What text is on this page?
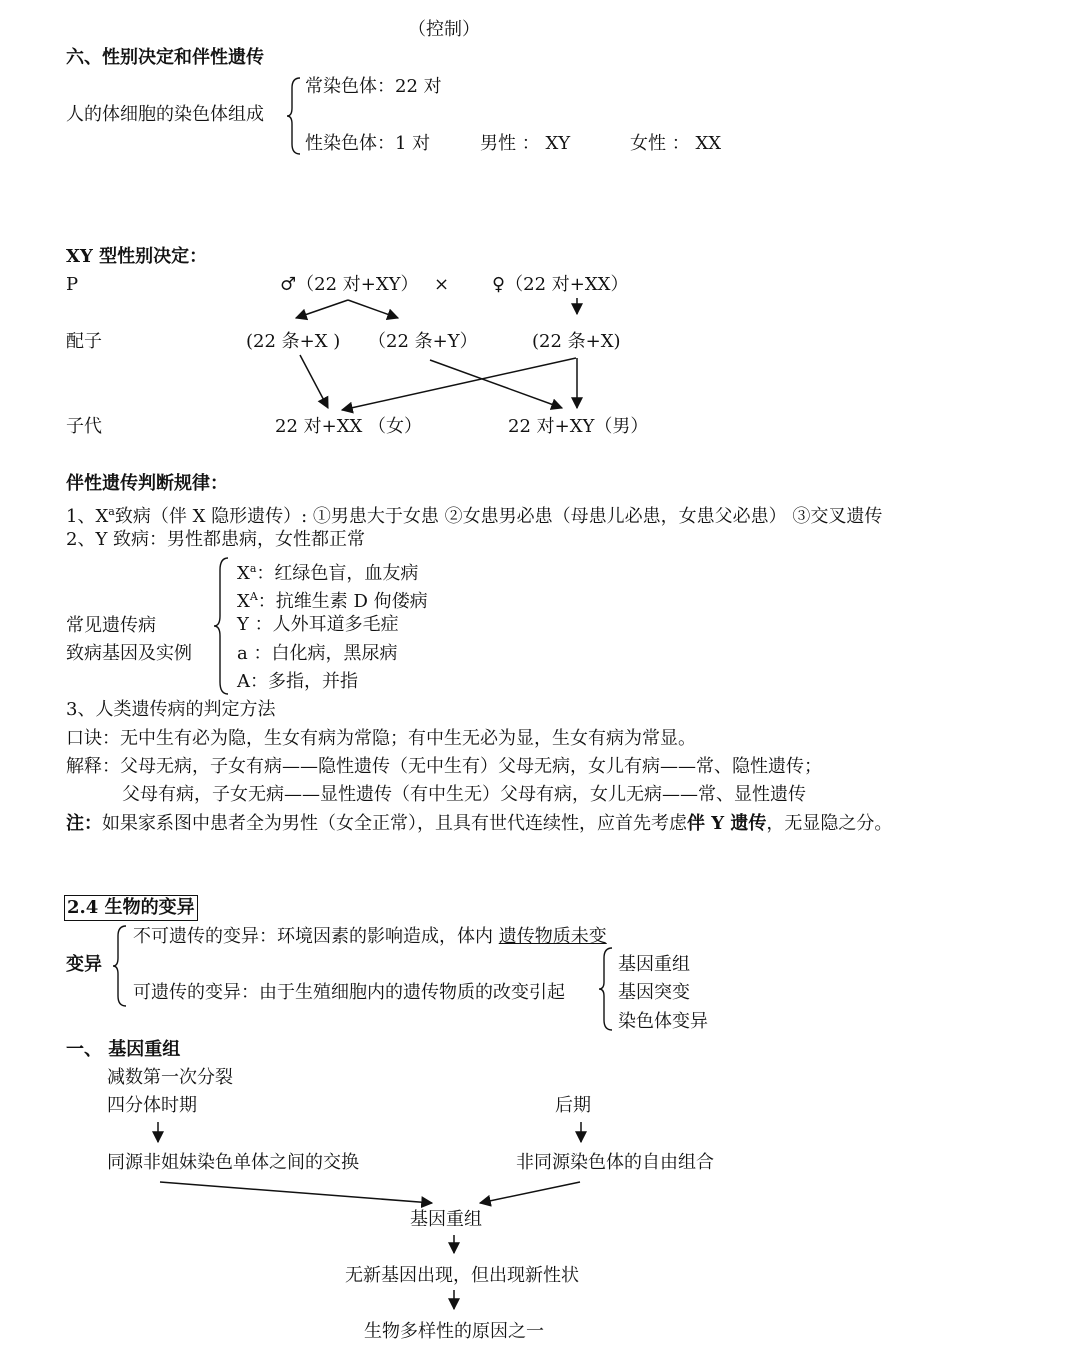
（控制）
六、性别决定和伴性遗传
人的体细胞的染色体组成
常染色体：22 对
性染色体：1 对	男性 ： XY	女性 ： XX
XY 型性别决定：
P	♂（22 对+XY） × ♀（22 对+XX）
配子	(22 条+X ) （22 条+Y）	(22 条+X)
子代	22 对+XX （女）	22 对+XY（男）
伴性遗传判断规律：
1、$X^a$致病（伴 X 隐形遗传）: ①男患大于女患 ②女患男必患（母患儿必患，女患父必患） ③交叉遗传
2、Y 致病：男性都患病，女性都正常
常见遗传病
致病基因及实例
$X^a$：红绿色盲，血友病
$X^A$：抗维生素 D 佝偻病
Y ：人外耳道多毛症
a ：白化病，黑尿病
A：多指，并指
3、人类遗传病的判定方法
口诀：无中生有必为隐，生女有病为常隐；有中生无必为显，生女有病为常显。
解释：父母无病，子女有病——隐性遗传（无中生有）父母无病，女儿有病——常、隐性遗传；
父母有病，子女无病——显性遗传（有中生无）父母有病，女儿无病——常、显性遗传
注：如果家系图中患者全为男性（女全正常），且具有世代连续性，应首先考虑伴 Y 遗传，无显隐之分。
2.4 生物的变异
变异
不可遗传的变异：环境因素的影响造成，体内 遗传物质未变
可遗传的变异：由于生殖细胞内的遗传物质的改变引起
基因重组
基因突变
染色体变异
一、 基因重组
减数第一次分裂
四分体时期	后期
同源非姐妹染色单体之间的交换	非同源染色体的自由组合
基因重组
无新基因出现，但出现新性状
生物多样性的原因之一
